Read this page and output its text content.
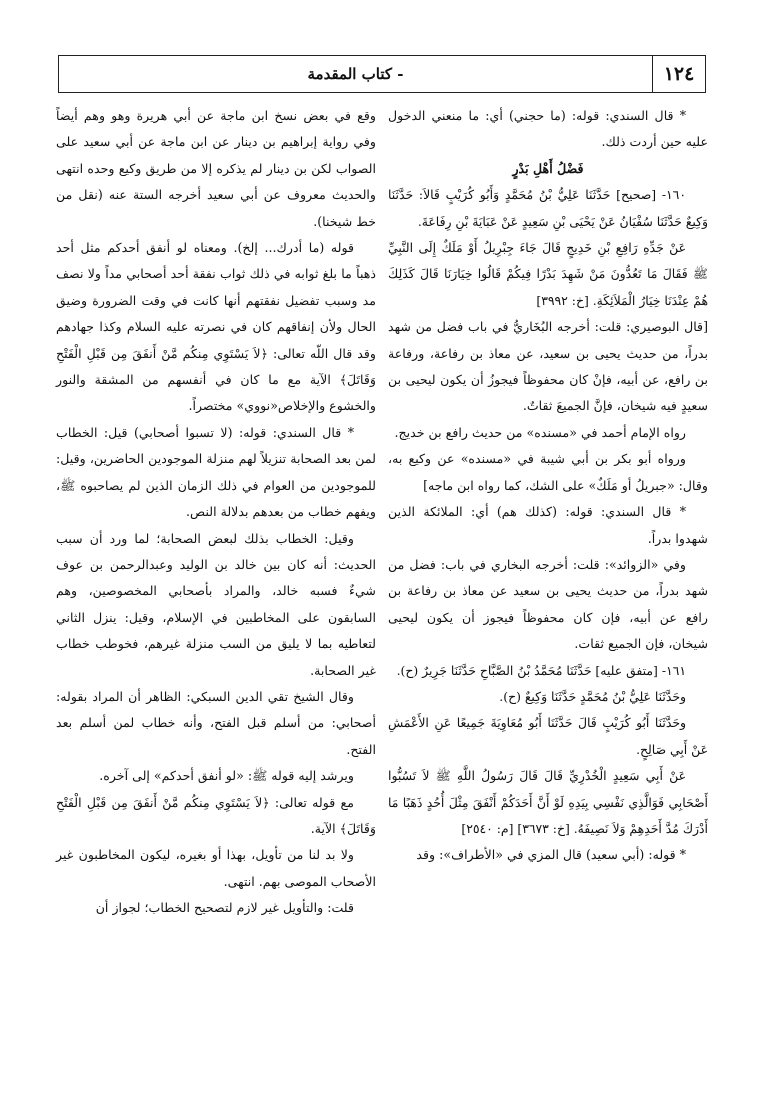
١٢٤
- كتاب المقدمة

* قال السندي: قوله: (ما حجني) أي: ما منعني الدخول عليه حين أردت ذلك.

فَضْلُ أَهْلِ بَدْرٍ

١٦٠- [صحيح] حَدَّثَنَا عَلِيُّ بْنُ مُحَمَّدٍ وَأَبُو كُرَيْبٍ قَالاَ: حَدَّثَنَا وَكِيعٌ حَدَّثَنَا سُفْيَانُ عَنْ يَحْيَى بْنِ سَعِيدٍ عَنْ عَبَايَةَ بْنِ رِفَاعَةَ.

عَنْ جَدِّهِ رَافِعِ بْنِ خَدِيجٍ قَالَ جَاءَ جِبْرِيلُ أَوْ مَلَكٌ إِلَى النَّبِيِّ ﷺ فَقَالَ مَا تَعُدُّونَ مَنْ شَهِدَ بَدْرًا فِيكُمْ قَالُوا خِيَارَنَا قَالَ كَذَلِكَ هُمْ عِنْدَنَا خِيَارُ الْمَلاَئِكَةِ. [خ: ٣٩٩٢]

[قال البوصيري: قلت: أخرجه البُخَاريُّ في باب فضل من شهد بدراً، من حديث يحيى بن سعيد، عن معاذ بن رفاعة، ورفاعة بن رافع، عن أبيه، فإنْ كان محفوظاً فيجوزُ أن يكون ليحيى بن سعيدٍ فيه شيخان، فإنَّ الجميعَ ثقاتٌ.

رواه الإمام أحمد في «مسنده» من حديث رافع بن خديج.

ورواه أبو بكر بن أبي شيبة في «مسنده» عن وكيع به، وقال: «جبريلُ أو مَلَكٌ» على الشك، كما رواه ابن ماجه]

* قال السندي: قوله: (كذلك هم) أي: الملائكة الذين شهدوا بدراً.

وفي «الزوائد»: قلت: أخرجه البخاري في باب: فضل من شهد بدراً، من حديث يحيى بن سعيد عن معاذ بن رفاعة بن رافع عن أبيه، فإن كان محفوظاً فيجوز أن يكون ليحيى شيخان، فإن الجميع ثقات.

١٦١- [متفق عليه] حَدَّثَنَا مُحَمَّدُ بْنُ الصَّبَّاحِ حَدَّثَنَا جَرِيرٌ (ح).

وحَدَّثَنَا عَلِيُّ بْنُ مُحَمَّدٍ حَدَّثَنَا وَكِيعٌ (ح).

وحَدَّثَنَا أَبُو كُرَيْبٍ قَالَ حَدَّثَنَا أَبُو مُعَاوِيَةَ جَمِيعًا عَنِ الأَعْمَشِ عَنْ أَبِي صَالِحٍ.

عَنْ أَبِي سَعِيدٍ الْخُدْرِيِّ قَالَ قَالَ رَسُولُ اللَّهِ ﷺ لاَ تَسُبُّوا أَصْحَابِي فَوَالَّذِي نَفْسِي بِيَدِهِ لَوْ أَنَّ أَحَدَكُمْ أَنْفَقَ مِثْلَ أُحُدٍ ذَهَبًا مَا أَدْرَكَ مُدَّ أَحَدِهِمْ وَلاَ نَصِيفَهُ. [خ: ٣٦٧٣] [م: ٢٥٤٠]

* قوله: (أبي سعيد) قال المزي في «الأطراف»: وقد

وقع في بعض نسخ ابن ماجة عن أبي هريرة وهو وهم أيضاً وفي رواية إبراهيم بن دينار عن ابن ماجة عن أبي سعيد على الصواب لكن بن دينار لم يذكره إلا من طريق وكيع وحده انتهى والحديث معروف عن أبي سعيد أخرجه الستة عنه (نقل من خط شيخنا).

قوله (ما أدرك... إلخ). ومعناه لو أنفق أحدكم مثل أحد ذهباً ما بلغ ثوابه في ذلك ثواب نفقة أحد أصحابي مداً ولا نصف مد وسبب تفضيل نفقتهم أنها كانت في وقت الضرورة وضيق الحال ولأن إنفاقهم كان في نصرته عليه السلام وكذا جهادهم وقد قال اللّه تعالى: ﴿لاَ يَسْتَوِي مِنكُم مَّنْ أَنفَقَ مِن قَبْلِ الْفَتْحِ وَقَاتَلَ﴾ الآية مع ما كان في أنفسهم من المشقة والنور والخشوع والإخلاص«نووي» مختصراً.

* قال السندي: قوله: (لا تسبوا أصحابي) قيل: الخطاب لمن بعد الصحابة تنزيلاً لهم منزلة الموجودين الحاضرين، وقيل: للموجودين من العوام في ذلك الزمان الذين لم يصاحبوه ﷺ، ويفهم خطاب من بعدهم بدلالة النص.

وقيل: الخطاب بذلك لبعض الصحابة؛ لما ورد أن سبب الحديث: أنه كان بين خالد بن الوليد وعبدالرحمن بن عوف شيءٌ فسبه خالد، والمراد بأصحابي المخصوصين، وهم السابقون على المخاطبين في الإسلام، وقيل: ينزل الثاني لتعاطيه بما لا يليق من السب منزلة غيرهم، فخوطب خطاب غير الصحابة.

وقال الشيخ تقي الدين السبكي: الظاهر أن المراد بقوله: أصحابي: من أسلم قبل الفتح، وأنه خطاب لمن أسلم بعد الفتح.

ويرشد إليه قوله ﷺ: «لو أنفق أحدكم» إلى آخره.

مع قوله تعالى: ﴿لاَ يَسْتَوِي مِنكُم مَّنْ أَنفَقَ مِن قَبْلِ الْفَتْحِ وَقَاتَلَ﴾ الآية.

ولا بد لنا من تأويل، بهذا أو بغيره، ليكون المخاطبون غير الأصحاب الموصى بهم. انتهى.

قلت: والتأويل غير لازم لتصحيح الخطاب؛ لجواز أن
